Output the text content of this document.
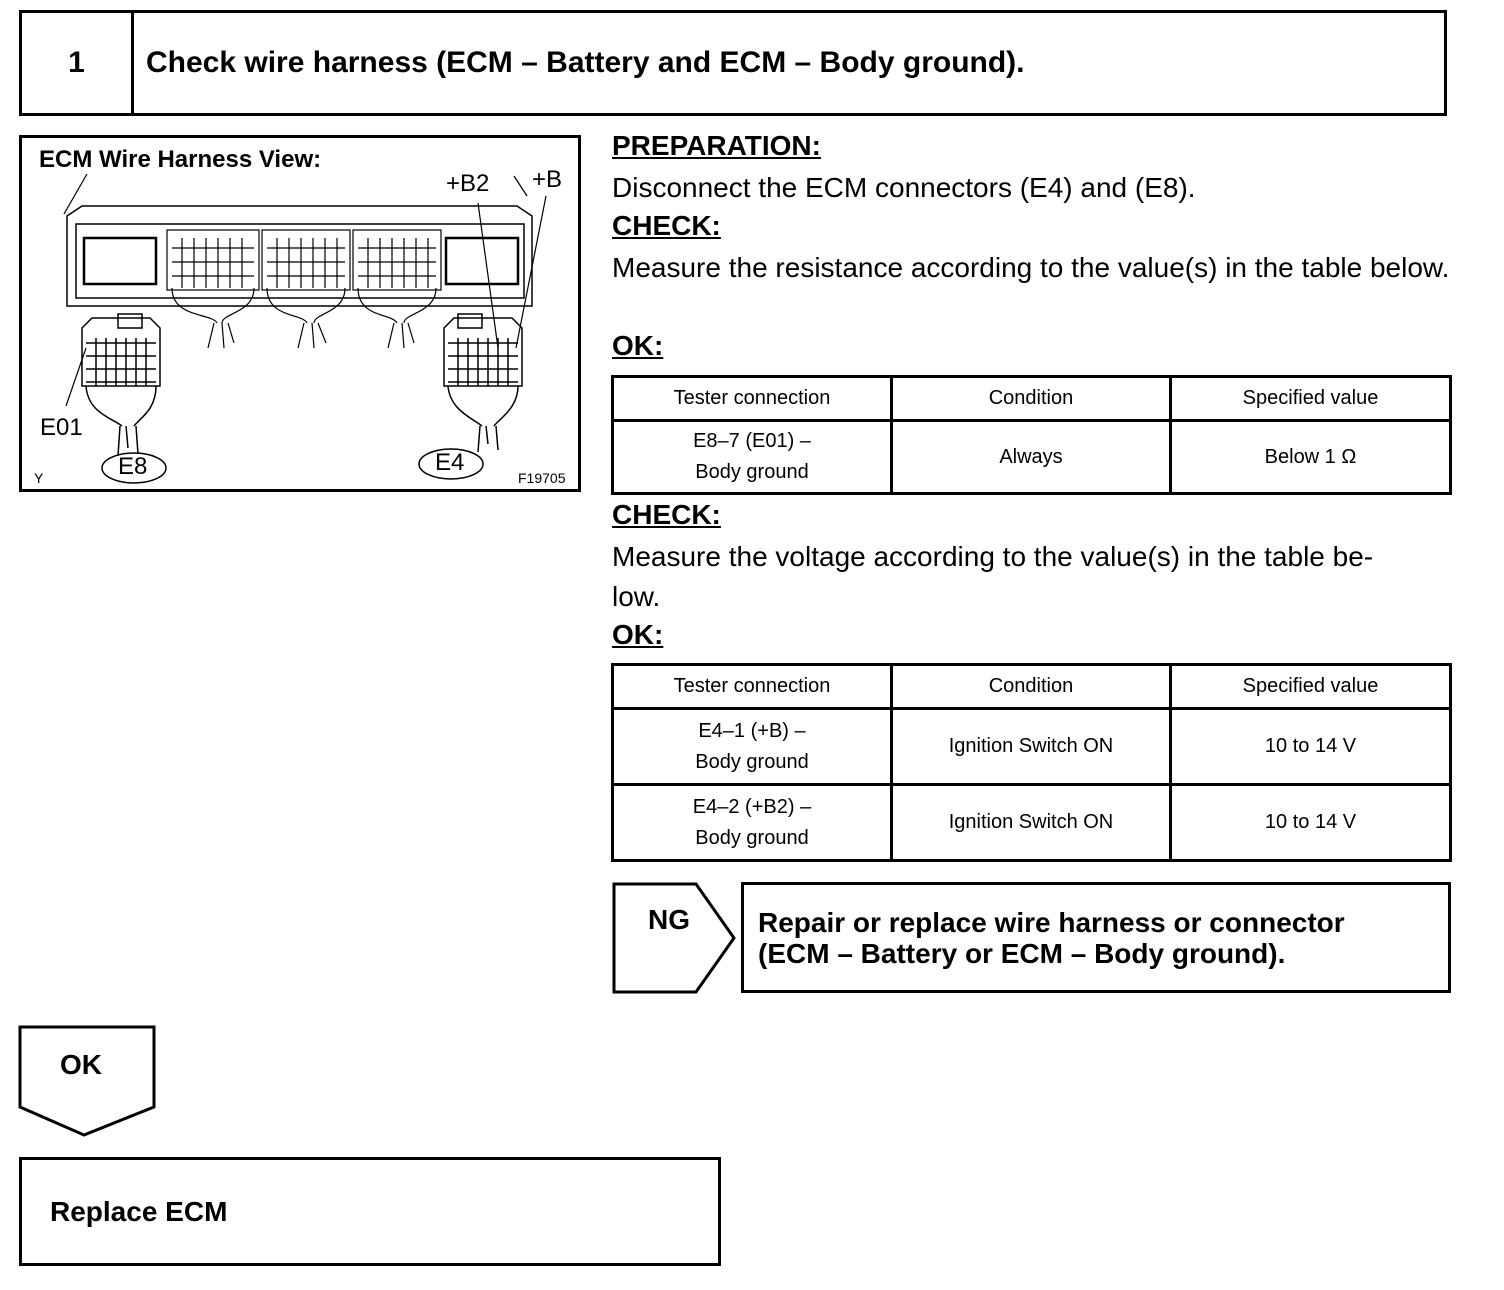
1	Check wire harness (ECM – Battery and ECM – Body ground).
ECM Wire Harness View:
+B2 +B
E01
E8	E4
Y	F19705
PREPARATION:
Disconnect the ECM connectors (E4) and (E8).
CHECK:
Measure the resistance according to the value(s) in the table below.
OK:
Tester connection	Condition	Specified value

E8–7 (E01) –
Body ground	Always	Below 1 Ω
CHECK:
Measure the voltage according to the value(s) in the table be-
low.
OK:
Tester connection	Condition	Specified value

E4–1 (+B) –
Body ground	Ignition Switch ON	10 to 14 V

E4–2 (+B2) –
Body ground	Ignition Switch ON	10 to 14 V
NG Repair or replace wire harness or connector
(ECM – Battery or ECM – Body ground).
OK
Replace ECM
